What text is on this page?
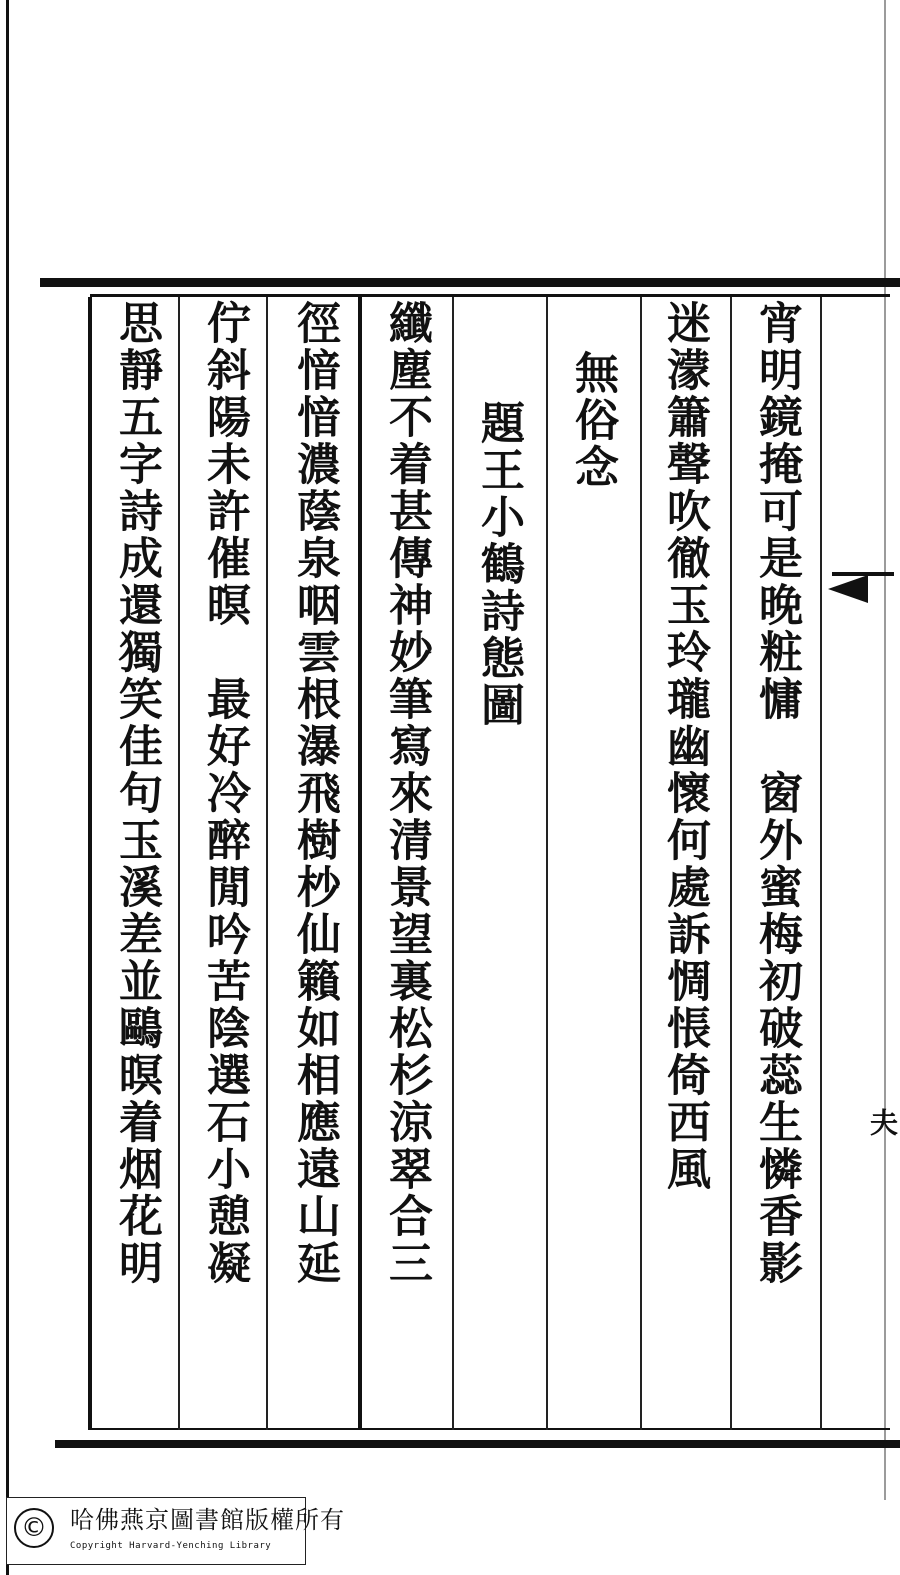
夫
宵明鏡掩可是晚粧慵　窗外蜜梅初破蕊生憐香影
迷濛簫聲吹徹玉玲瓏幽懷何處訴惆悵倚西風
無俗念
題王小鶴詩態圖
纖塵不着甚傳神妙筆寫來清景望裏松杉涼翠合三
徑愔愔濃蔭泉咽雲根瀑飛樹杪仙籟如相應遠山延
佇斜陽未許催暝　最好冷醉閒吟苦陰選石小憩凝
思靜五字詩成還獨笑佳句玉溪差並鷗暝着烟花明
© 哈佛燕京圖書館版權所有
Copyright Harvard-Yenching Library
